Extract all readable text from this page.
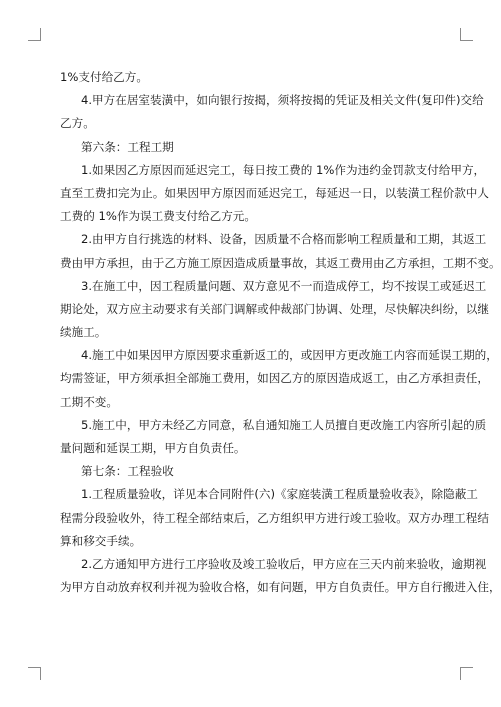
1%支付给乙方。
4.甲方在居室装潢中，如向银行按揭，须将按揭的凭证及相关文件(复印件)交给
乙方。
第六条：工程工期
1.如果因乙方原因而延迟完工，每日按工费的 1%作为违约金罚款支付给甲方，
直至工费扣完为止。如果因甲方原因而延迟完工，每延迟一日，以装潢工程价款中人
工费的 1%作为误工费支付给乙方元。
2.由甲方自行挑选的材料、设备，因质量不合格而影响工程质量和工期，其返工
费由甲方承担，由于乙方施工原因造成质量事故，其返工费用由乙方承担，工期不变。
3.在施工中，因工程质量问题、双方意见不一而造成停工，均不按误工或延迟工
期论处，双方应主动要求有关部门调解或仲裁部门协调、处理，尽快解决纠纷，以继
续施工。
4.施工中如果因甲方原因要求重新返工的，或因甲方更改施工内容而延误工期的，
均需签证，甲方须承担全部施工费用，如因乙方的原因造成返工，由乙方承担责任，
工期不变。
5.施工中，甲方未经乙方同意，私自通知施工人员擅自更改施工内容所引起的质
量问题和延误工期，甲方自负责任。
第七条：工程验收
1.工程质量验收，详见本合同附件(六)《家庭装潢工程质量验收表》，除隐蔽工
程需分段验收外，待工程全部结束后，乙方组织甲方进行竣工验收。双方办理工程结
算和移交手续。
2.乙方通知甲方进行工序验收及竣工验收后，甲方应在三天内前来验收，逾期视
为甲方自动放弃权利并视为验收合格，如有问题，甲方自负责任。甲方自行搬进入住，
